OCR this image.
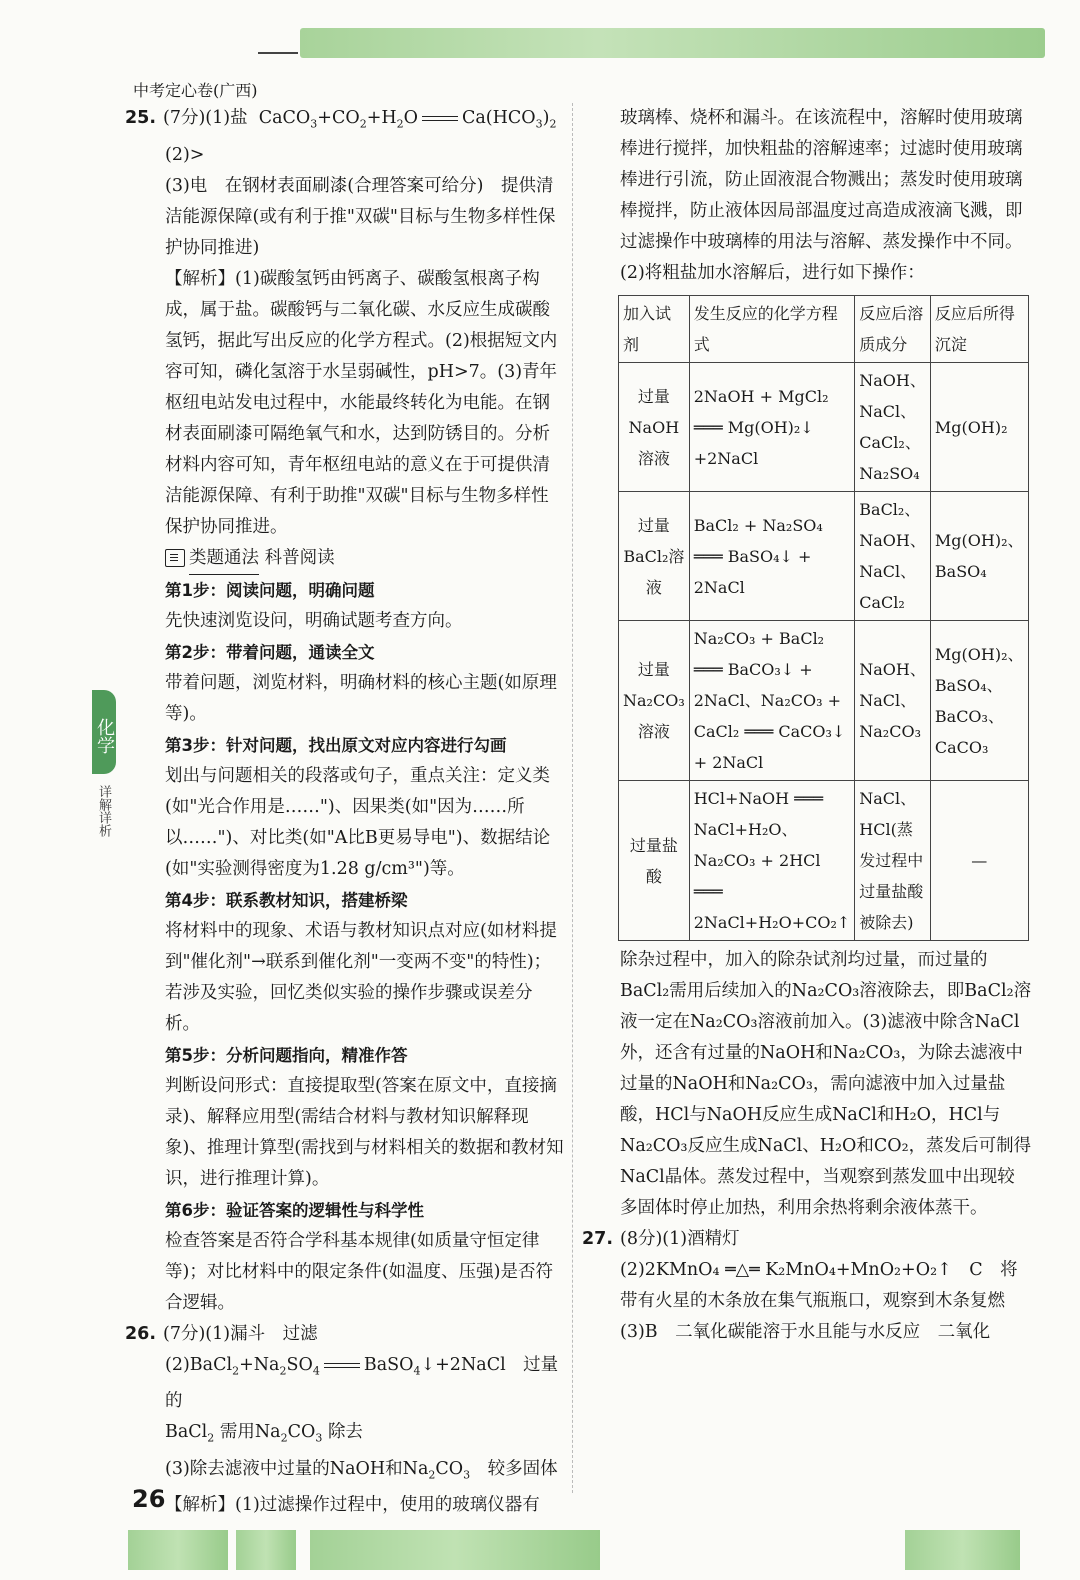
中考定心卷(广西)
化学
详解详析

25. (7分)(1)盐 $CaCO_3+CO_2+H_2O$	$Ca(HCO_3)_2$

(2)>

(3)电　在钢材表面刷漆(合理答案可给分)　提供清洁能源保障(或有利于推"双碳"目标与生物多样性保护协同推进)

【解析】(1)碳酸氢钙由钙离子、碳酸氢根离子构成，属于盐。碳酸钙与二氧化碳、水反应生成碳酸氢钙，据此写出反应的化学方程式。(2)根据短文内容可知，磷化氢溶于水呈弱碱性，pH>7。(3)青年枢纽电站发电过程中，水能最终转化为电能。在钢材表面刷漆可隔绝氧气和水，达到防锈目的。分析材料内容可知，青年枢纽电站的意义在于可提供清洁能源保障、有利于助推"双碳"目标与生物多样性保护协同推进。

类题通法 科普阅读

第1步：阅读问题，明确问题

先快速浏览设问，明确试题考查方向。

第2步：带着问题，通读全文

带着问题，浏览材料，明确材料的核心主题(如原理等)。

第3步：针对问题，找出原文对应内容进行勾画

划出与问题相关的段落或句子，重点关注：定义类(如"光合作用是……")、因果类(如"因为……所以……")、对比类(如"A比B更易导电")、数据结论(如"实验测得密度为1.28 g/cm³")等。

第4步：联系教材知识，搭建桥梁

将材料中的现象、术语与教材知识点对应(如材料提到"催化剂"→联系到催化剂"一变两不变"的特性)；若涉及实验，回忆类似实验的操作步骤或误差分析。

第5步：分析问题指向，精准作答

判断设问形式：直接提取型(答案在原文中，直接摘录)、解释应用型(需结合材料与教材知识解释现象)、推理计算型(需找到与材料相关的数据和教材知识，进行推理计算)。

第6步：验证答案的逻辑性与科学性

检查答案是否符合学科基本规律(如质量守恒定律等)；对比材料中的限定条件(如温度、压强)是否符合逻辑。

26. (7分)(1)漏斗　过滤

$(2)BaCl_2+Na_2SO_4$	BaSO$_4$↓+2NaCl　过量的

BaCl$_2$ 需用$Na_2CO_3$ 除去

(3)除去滤液中过量的NaOH和$Na_2CO_3$　较多固体

【解析】(1)过滤操作过程中，使用的玻璃仪器有

玻璃棒、烧杯和漏斗。在该流程中，溶解时使用玻璃棒进行搅拌，加快粗盐的溶解速率；过滤时使用玻璃棒进行引流，防止固液混合物溅出；蒸发时使用玻璃棒搅拌，防止液体因局部温度过高造成液滴飞溅，即过滤操作中玻璃棒的用法与溶解、蒸发操作中不同。(2)将粗盐加水溶解后，进行如下操作：

加入试剂	发生反应的化学方程式	反应后溶质成分	反应后所得沉淀
过量NaOH溶液	2NaOH + MgCl₂ ═══ Mg(OH)₂↓ +2NaCl	NaOH、NaCl、CaCl₂、Na₂SO₄	Mg(OH)₂
过量BaCl₂溶液	BaCl₂ + Na₂SO₄ ═══ BaSO₄↓ + 2NaCl	BaCl₂、NaOH、NaCl、CaCl₂	Mg(OH)₂、BaSO₄
过量Na₂CO₃溶液	Na₂CO₃ + BaCl₂ ═══ BaCO₃↓ + 2NaCl、Na₂CO₃ + CaCl₂ ═══ CaCO₃↓ + 2NaCl	NaOH、NaCl、Na₂CO₃	Mg(OH)₂、BaSO₄、BaCO₃、CaCO₃
过量盐酸	HCl+NaOH ═══ NaCl+H₂O、Na₂CO₃ + 2HCl ═══ 2NaCl+H₂O+CO₂↑	NaCl、HCl(蒸发过程中过量盐酸被除去)	—

除杂过程中，加入的除杂试剂均过量，而过量的BaCl₂需用后续加入的Na₂CO₃溶液除去，即BaCl₂溶液一定在Na₂CO₃溶液前加入。(3)滤液中除含NaCl外，还含有过量的NaOH和Na₂CO₃，为除去滤液中过量的NaOH和Na₂CO₃，需向滤液中加入过量盐酸，HCl与NaOH反应生成NaCl和H₂O，HCl与Na₂CO₃反应生成NaCl、H₂O和CO₂，蒸发后可制得NaCl晶体。蒸发过程中，当观察到蒸发皿中出现较多固体时停止加热，利用余热将剩余液体蒸干。

27. (8分)(1)酒精灯

(2)2KMnO₄ ═△═ K₂MnO₄+MnO₂+O₂↑　C　将带有火星的木条放在集气瓶瓶口，观察到木条复燃

(3)B　二氧化碳能溶于水且能与水反应　二氧化

26
